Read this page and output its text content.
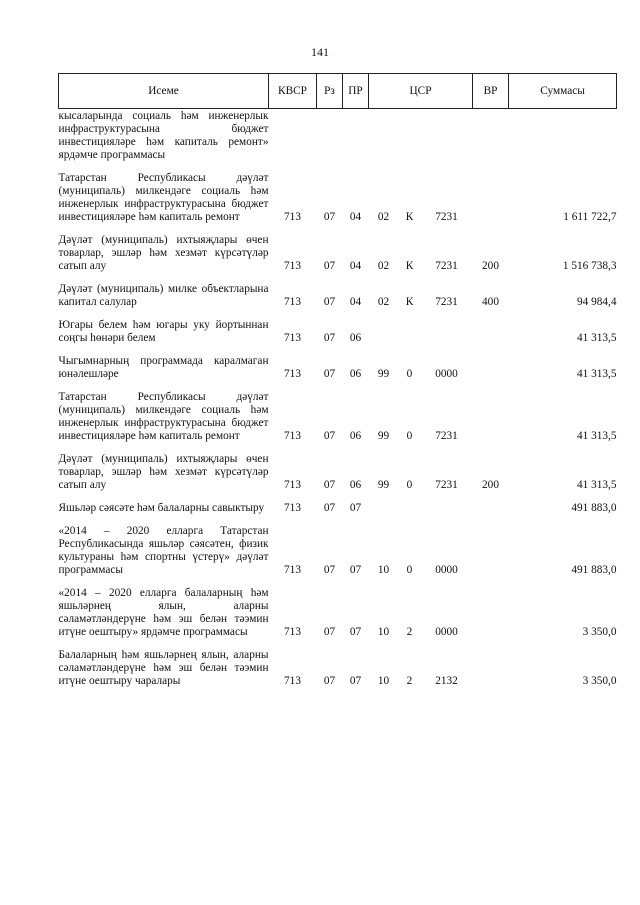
141
Исеме	КВСР	Рз	ПР	ЦСР			ВР	Суммасы
кысаларында социаль һәм инженерлык инфраструктурасына бюджет инвестицияләре һәм капиталь ремонт» ярдәмче программасы								

Татарстан Республикасы дәүләт (муниципаль) милкендәге социаль һәм инженерлык инфраструктурасына бюджет инвестицияләре һәм капиталь ремонт	713	07	04	02	К	7231		1 611 722,7

Дәүләт (муниципаль) ихтыяҗлары өчен товарлар, эшләр һәм хезмәт күрсәтүләр сатып алу	713	07	04	02	К	7231	200	1 516 738,3

Дәүләт (муниципаль) милке объектларына капитал салулар	713	07	04	02	К	7231	400	94 984,4

Югары белем һәм югары уку йортыннан соңгы һөнәри белем	713	07	06					41 313,5

Чыгымнарның программада каралмаган юнәлешләре	713	07	06	99	0	0000		41 313,5

Татарстан Республикасы дәүләт (муниципаль) милкендәге социаль һәм инженерлык инфраструктурасына бюджет инвестицияләре һәм капиталь ремонт	713	07	06	99	0	7231		41 313,5

Дәүләт (муниципаль) ихтыяҗлары өчен товарлар, эшләр һәм хезмәт күрсәтүләр сатып алу	713	07	06	99	0	7231	200	41 313,5

Яшьләр сәясәте һәм балаларны савыктыру	713	07	07					491 883,0

«2014 – 2020 елларга Татарстан Республикасында яшьләр сәясәтен, физик культураны һәм спортны үстерү» дәүләт программасы	713	07	07	10	0	0000		491 883,0

«2014 – 2020 елларга балаларның һәм яшьләрнең ялын, аларны сәламәтләндерүне һәм эш белән тәэмин итүне оештыру» ярдәмче программасы	713	07	07	10	2	0000		3 350,0

Балаларның һәм яшьләрнең ялын, аларны сәламәтләндерүне һәм эш белән тәэмин итүне оештыру чаралары	713	07	07	10	2	2132		3 350,0
